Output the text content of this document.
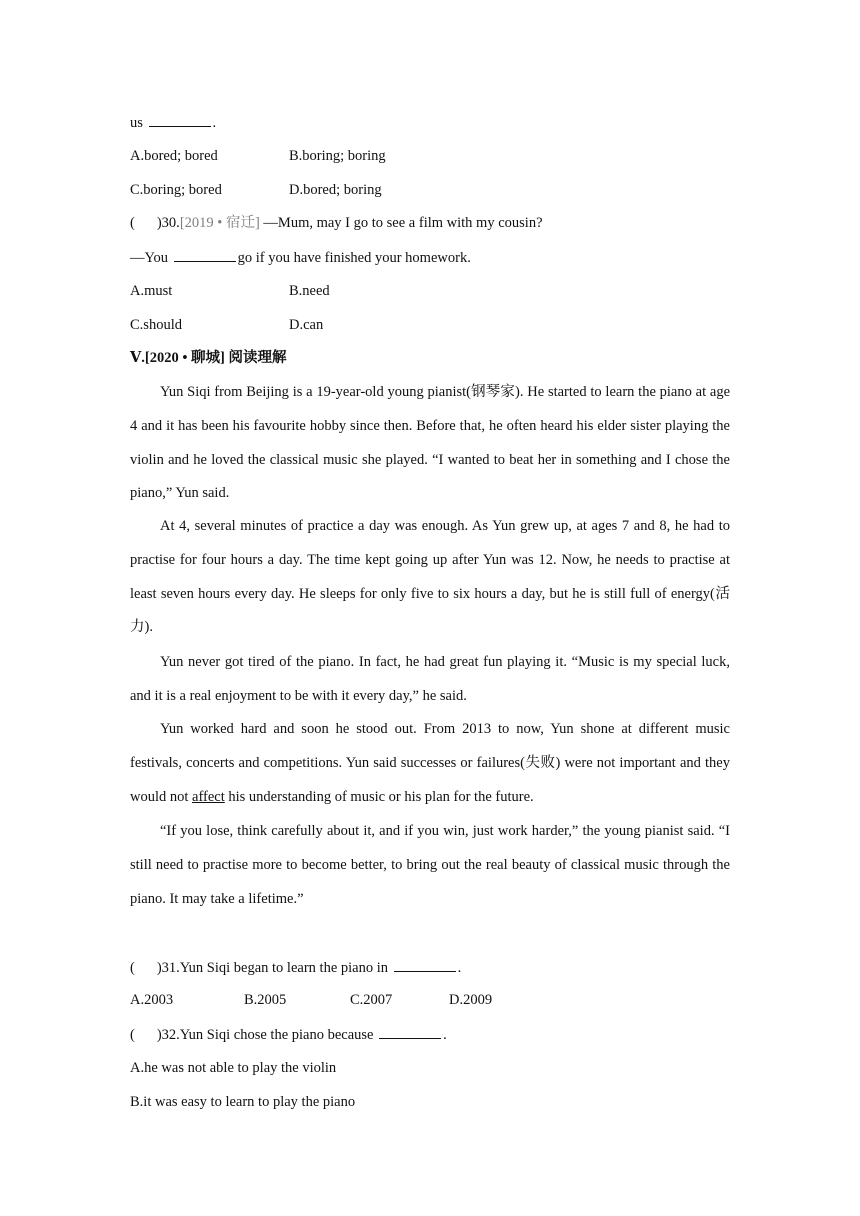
us	.
A.bored; bored	B.boring; boring
C.boring; bored	D.bored; boring
( )30.[2019 • 宿迁] —Mum, may I go to see a film with my cousin?
—You	go if you have finished your homework.
A.must	B.need
C.should	D.can
Ⅴ.[2020 • 聊城] 阅读理解
Yun Siqi from Beijing is a 19-year-old young pianist(钢琴家). He started to learn the piano at age 4 and it has been his favourite hobby since then. Before that, he often heard his elder sister playing the violin and he loved the classical music she played. “I wanted to beat her in something and I chose the piano,” Yun said.
At 4, several minutes of practice a day was enough. As Yun grew up, at ages 7 and 8, he had to practise for four hours a day. The time kept going up after Yun was 12. Now, he needs to practise at least seven hours every day. He sleeps for only five to six hours a day, but he is still full of energy(活力).
Yun never got tired of the piano. In fact, he had great fun playing it. “Music is my special luck, and it is a real enjoyment to be with it every day,” he said.
Yun worked hard and soon he stood out. From 2013 to now, Yun shone at different music festivals, concerts and competitions. Yun said successes or failures(失败) were not important and they would not affect his understanding of music or his plan for the future.
“If you lose, think carefully about it, and if you win, just work harder,” the young pianist said. “I still need to practise more to become better, to bring out the real beauty of classical music through the piano. It may take a lifetime.”
( )31.Yun Siqi began to learn the piano in	.
A.2003	B.2005	C.2007	D.2009
( )32.Yun Siqi chose the piano because	.
A.he was not able to play the violin
B.it was easy to learn to play the piano
